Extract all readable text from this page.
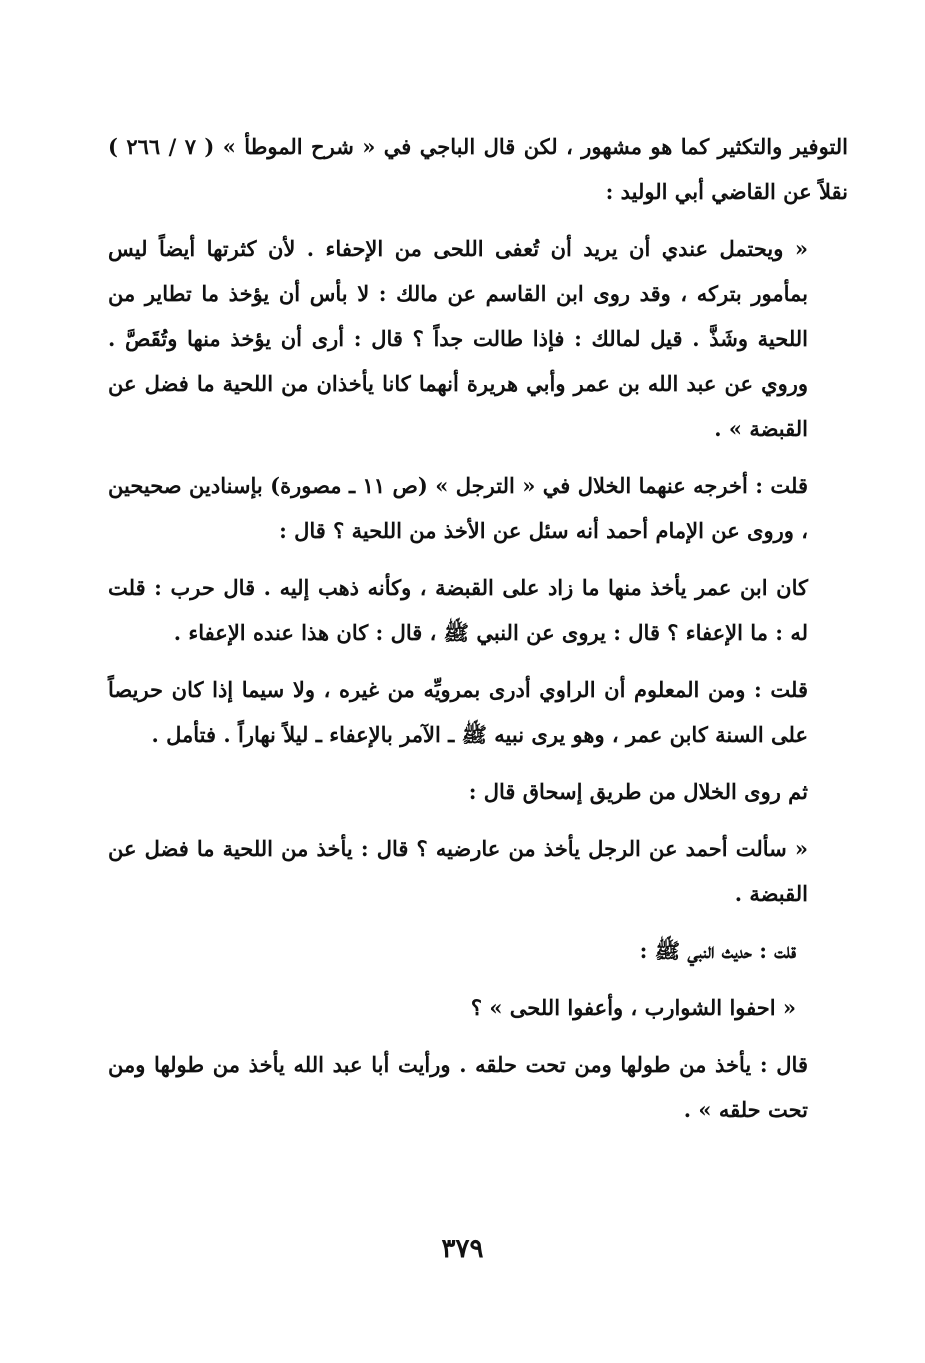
التوفير والتكثير كما هو مشهور ، لكن قال الباجي في « شرح الموطأ » ( ٧ / ٢٦٦ ) نقلاً عن القاضي أبي الوليد :

« ويحتمل عندي أن يريد أن تُعفى اللحى من الإحفاء . لأن كثرتها أيضاً ليس بمأمور بتركه ، وقد روى ابن القاسم عن مالك : لا بأس أن يؤخذ ما تطاير من اللحية وشَذَّ . قيل لمالك : فإذا طالت جداً ؟ قال : أرى أن يؤخذ منها وتُقَصَّ . وروي عن عبد الله بن عمر وأبي هريرة أنهما كانا يأخذان من اللحية ما فضل عن القبضة » .

قلت : أخرجه عنهما الخلال في « الترجل » (ص ١١ ـ مصورة) بإسنادين صحيحين ، وروى عن الإمام أحمد أنه سئل عن الأخذ من اللحية ؟ قال :

كان ابن عمر يأخذ منها ما زاد على القبضة ، وكأنه ذهب إليه . قال حرب : قلت له : ما الإعفاء ؟ قال : يروى عن النبي ﷺ ، قال : كان هذا عنده الإعفاء .

قلت : ومن المعلوم أن الراوي أدرى بمرويِّه من غيره ، ولا سيما إذا كان حريصاً على السنة كابن عمر ، وهو يرى نبيه ﷺ ـ الآمر بالإعفاء ـ ليلاً نهاراً . فتأمل .

ثم روى الخلال من طريق إسحاق قال :

« سألت أحمد عن الرجل يأخذ من عارضيه ؟ قال : يأخذ من اللحية ما فضل عن القبضة .

قلت : حديث النبي ﷺ :

« احفوا الشوارب ، وأعفوا اللحى » ؟

قال : يأخذ من طولها ومن تحت حلقه . ورأيت أبا عبد الله يأخذ من طولها ومن تحت حلقه » .

٣٧٩
